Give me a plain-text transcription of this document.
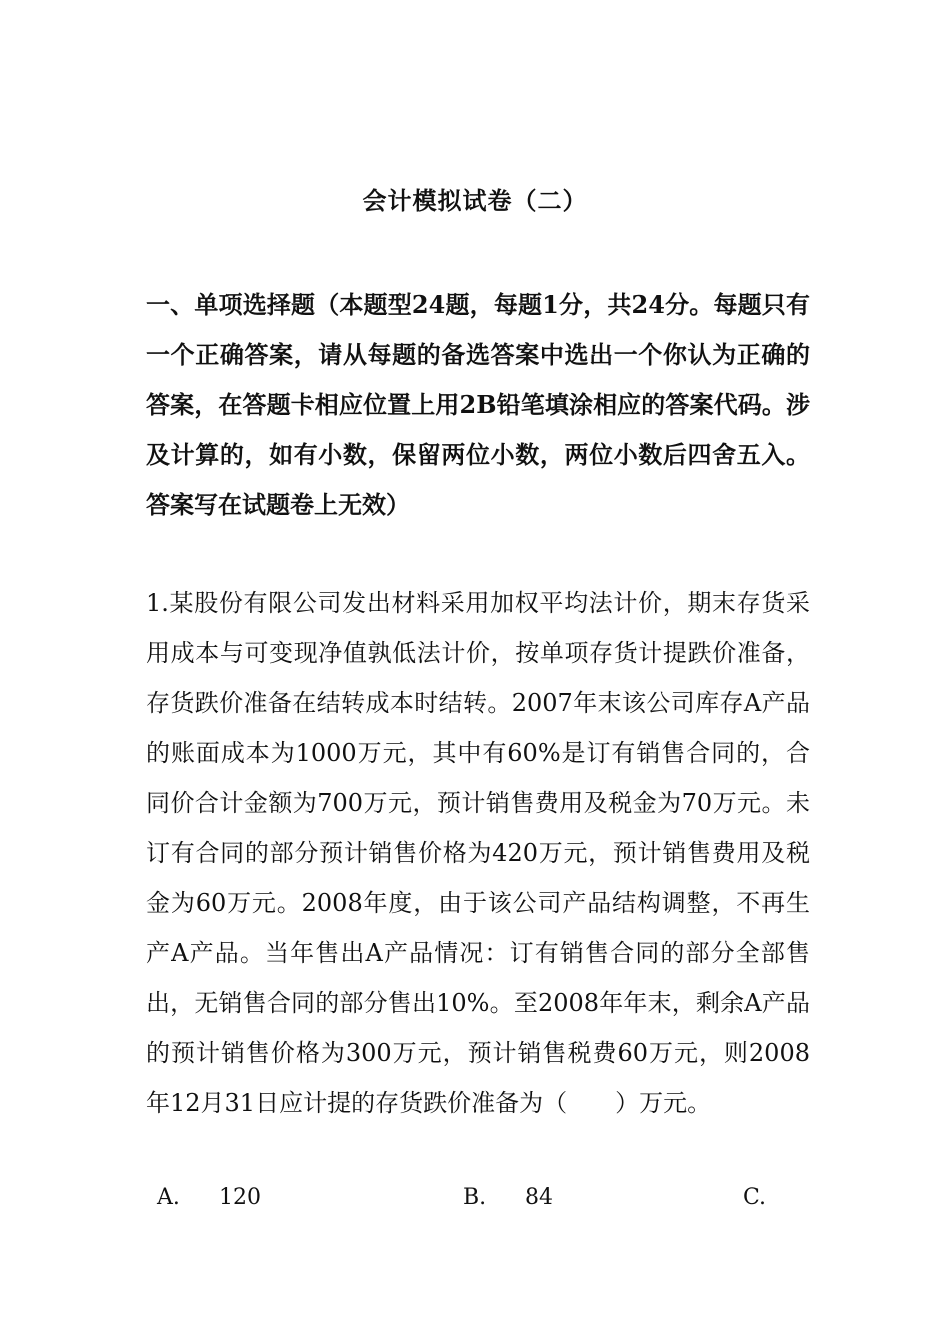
会计模拟试卷（二）
一、单项选择题（本题型24题，每题1分，共24分。每题只有一个正确答案，请从每题的备选答案中选出一个你认为正确的答案，在答题卡相应位置上用2B铅笔填涂相应的答案代码。涉及计算的，如有小数，保留两位小数，两位小数后四舍五入。答案写在试题卷上无效）
1.某股份有限公司发出材料采用加权平均法计价，期末存货采用成本与可变现净值孰低法计价，按单项存货计提跌价准备，存货跌价准备在结转成本时结转。2007年末该公司库存A产品的账面成本为1000万元，其中有60%是订有销售合同的，合同价合计金额为700万元，预计销售费用及税金为70万元。未订有合同的部分预计销售价格为420万元，预计销售费用及税金为60万元。2008年度，由于该公司产品结构调整，不再生产A产品。当年售出A产品情况：订有销售合同的部分全部售出，无销售合同的部分售出10%。至2008年年末，剩余A产品的预计销售价格为300万元，预计销售税费60万元，则2008年12月31日应计提的存货跌价准备为（　　）万元。
A. 120	B. 84	C.
